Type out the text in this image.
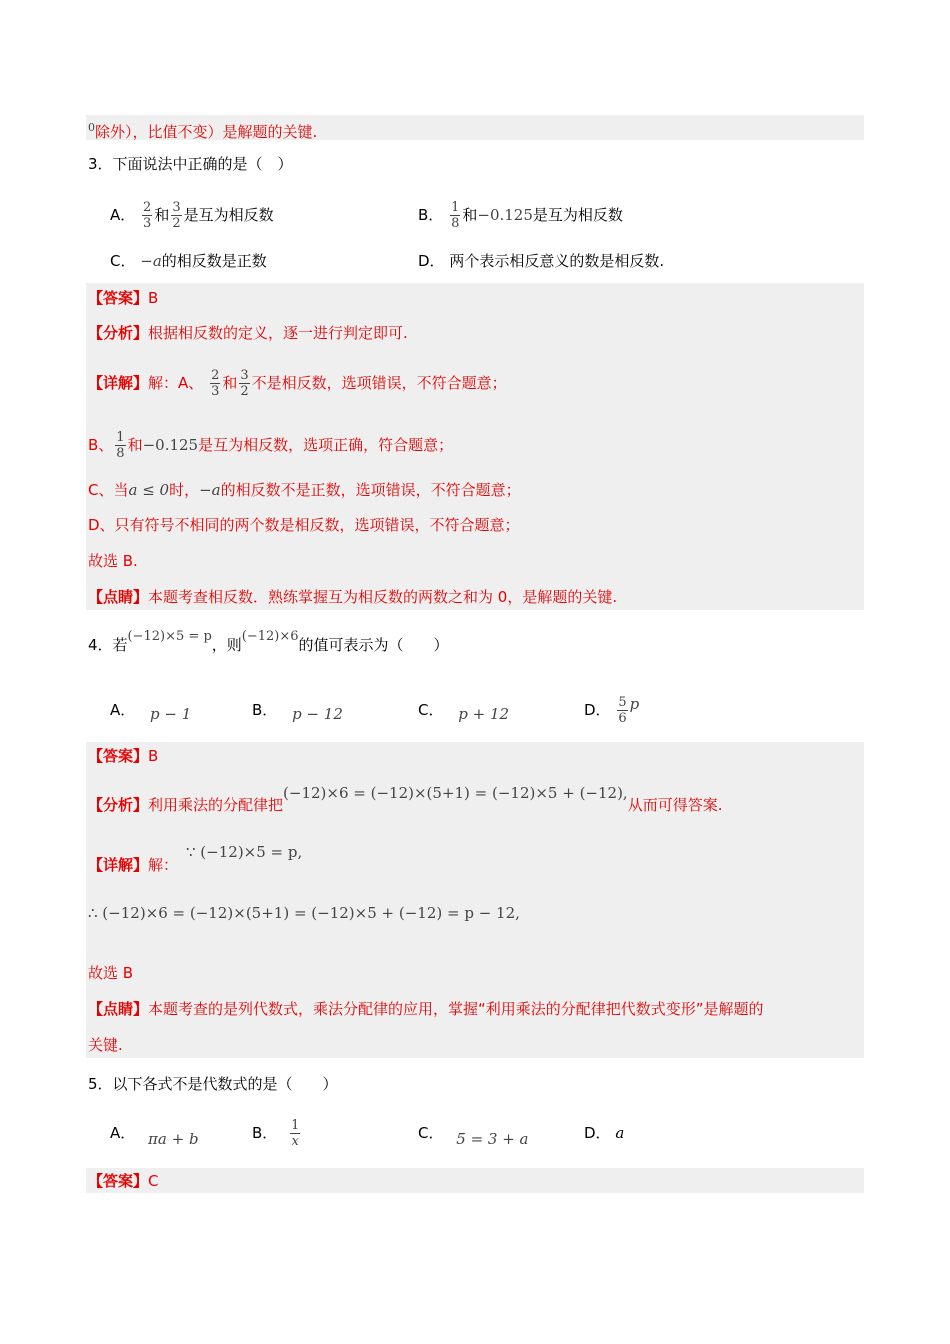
$^0$除外），比值不变）是解题的关键.
3．下面说法中正确的是（　）
A． $\frac{2}{3}$ 和 $\frac{3}{2}$ 是互为相反数	B． $\frac{1}{8}$ 和−0.125是互为相反数
C． −a的相反数是正数	D． 两个表示相反意义的数是相反数.
【答案】B
【分析】根据相反数的定义，逐一进行判定即可.
【详解】解：A、 $\frac{2}{3}$ 和 $\frac{3}{2}$ 不是相反数，选项错误，不符合题意；
B、 $\frac{1}{8}$ 和−0.125是互为相反数，选项正确，符合题意；
C、当a ≤ 0时，−a的相反数不是正数，选项错误，不符合题意；
D、只有符号不相同的两个数是相反数，选项错误，不符合题意；
故选 B.
【点睛】本题考查相反数．熟练掌握互为相反数的两数之和为 0，是解题的关键.
4．若(−12)×5 = p，则(−12)×6的值可表示为（　　）
A． p − 1	B． p − 12	C． p + 12	D． $\frac{5}{6}$ p
【答案】B
【分析】利用乘法的分配律把(−12)×6 = (−12)×(5+1) = (−12)×5 + (−12),从而可得答案.
【详解】解：
∵ (−12)×5 = p,
∴ (−12)×6 = (−12)×(5+1) = (−12)×5 + (−12) = p − 12,
故选 B
【点睛】本题考查的是列代数式，乘法分配律的应用，掌握“利用乘法的分配律把代数式变形”是解题的
关键.
5．以下各式不是代数式的是（　　）
A． πa + b	B． $\frac{1}{x}$	C． 5 = 3 + a	D． a
【答案】C
